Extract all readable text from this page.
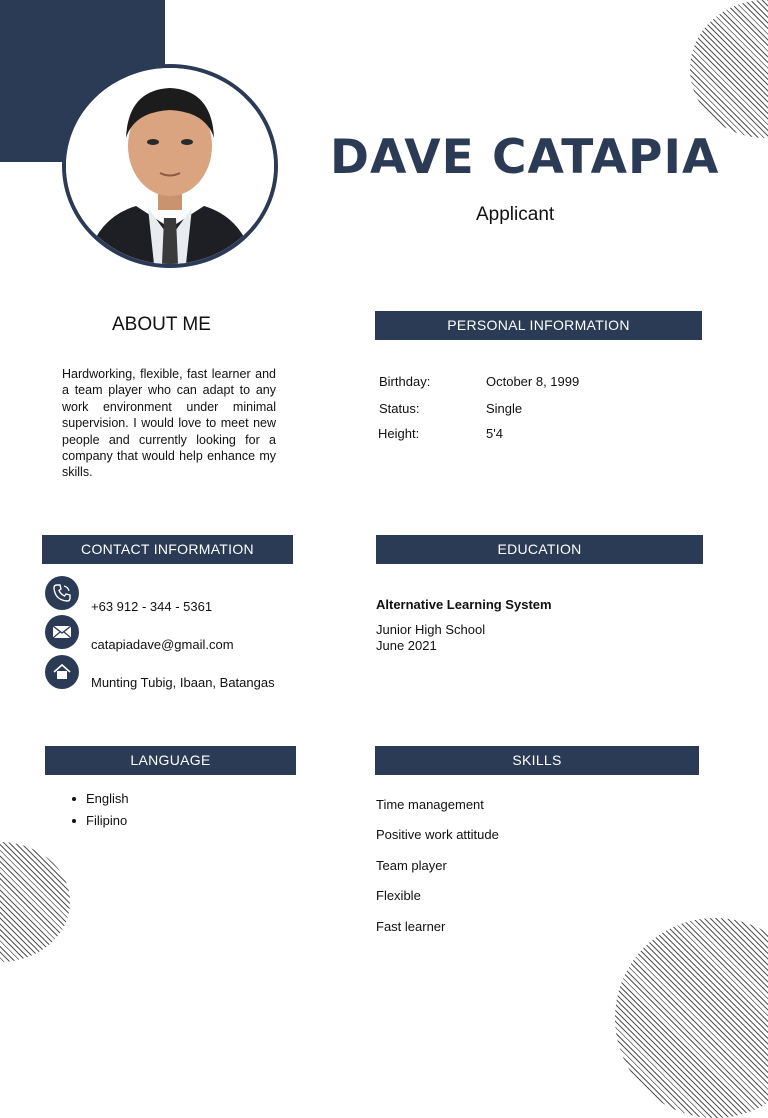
DAVE CATAPIA
Applicant
ABOUT ME
Hardworking, flexible, fast learner and a team player who can adapt to any work environment under minimal supervision. I would love to meet new people and currently looking for a company that would help enhance my skills.
PERSONAL INFORMATION
Birthday:	October 8, 1999
Status:	Single
Height:	5'4
CONTACT INFORMATION
+63 912 - 344 - 5361
catapiadave@gmail.com
Munting Tubig, Ibaan, Batangas
EDUCATION
Alternative Learning System
Junior High School
June 2021
LANGUAGE
English
Filipino
SKILLS
Time management
Positive work attitude
Team player
Flexible
Fast learner
